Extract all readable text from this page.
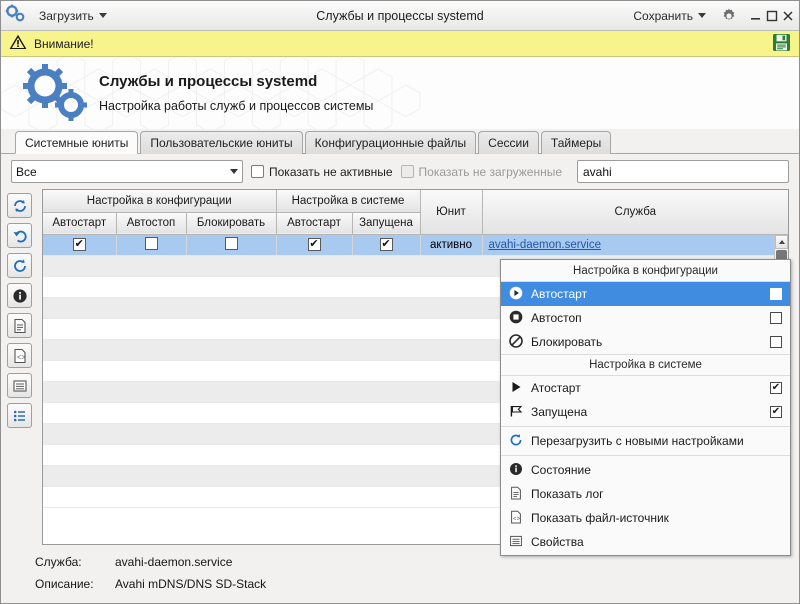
Загрузить	Службы и процессы systemd	Сохранить
Внимание!
Службы и процессы systemd
Настройка работы служб и процессов системы
Системные юниты	Пользовательские юниты	Конфигурационные файлы	Сессии	Таймеры
Все	Показать не активные Показать не загруженные avahi
<>
Настройка в конфигурации			Настройка в системе		Юнит	Служба
Автостарт	Автостоп	Блокировать	Автостарт	Запущена		
✔			✔	✔	активно	avahi-daemon.service

Служба:	avahi-daemon.service
Описание:	Avahi mDNS/DNS SD-Stack
Настройка в конфигурации
Автостарт
✔
Автостоп
Блокировать
Настройка в системе
Атостарт
✔
Запущена
✔
Перезагрузить с новыми настройками
Состояние
Показать лог
<> Показать файл-источник
Свойства
